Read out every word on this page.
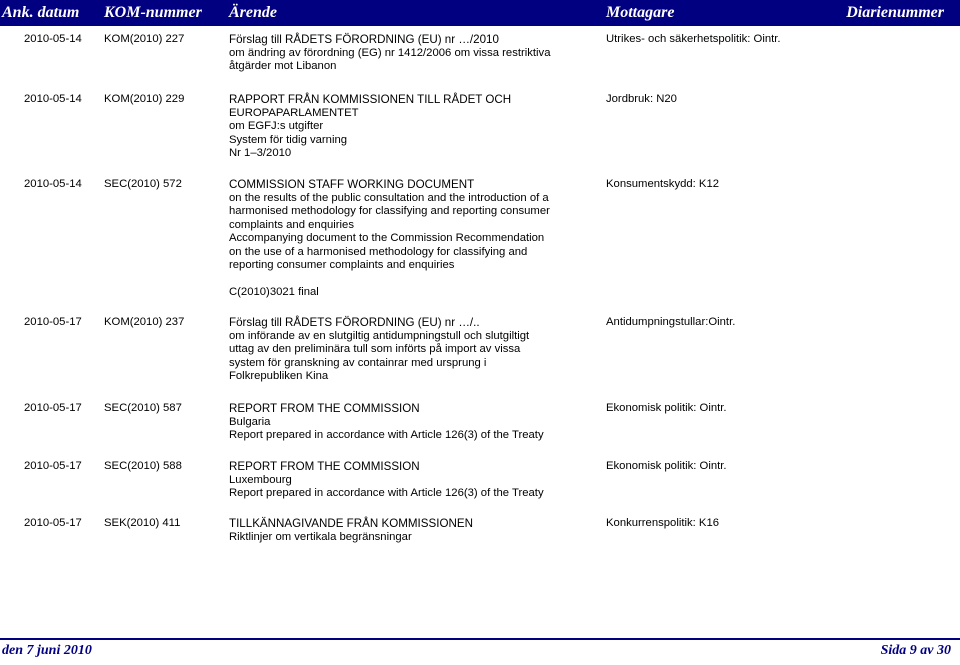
Ank. datum KOM-nummer Ärende	Mottagare	Diarienummer
2010-05-14 KOM(2010) 227	Förslag till RÅDETS FÖRORDNING (EU) nr …/2010
om ändring av förordning (EG) nr 1412/2006 om vissa restriktiva
åtgärder mot Libanon
Utrikes- och säkerhetspolitik: Ointr.
2010-05-14 KOM(2010) 229	RAPPORT FRÅN KOMMISSIONEN TILL RÅDET OCH
EUROPAPARLAMENTET
om EGFJ:s utgifter
System för tidig varning
Nr 1–3/2010
Jordbruk: N20
2010-05-14 SEC(2010) 572	COMMISSION STAFF WORKING DOCUMENT
on the results of the public consultation and the introduction of a
harmonised methodology for classifying and reporting consumer
complaints and enquiries
Accompanying document to the Commission Recommendation
on the use of a harmonised methodology for classifying and
reporting consumer complaints and enquiries
C(2010)3021 final
Konsumentskydd: K12
2010-05-17 KOM(2010) 237	Förslag till RÅDETS FÖRORDNING (EU) nr …/..
om införande av en slutgiltig antidumpningstull och slutgiltigt
uttag av den preliminära tull som införts på import av vissa
system för granskning av containrar med ursprung i
Folkrepubliken Kina
Antidumpningstullar:Ointr.
2010-05-17 SEC(2010) 587	REPORT FROM THE COMMISSION
Bulgaria
Report prepared in accordance with Article 126(3) of the Treaty
Ekonomisk politik: Ointr.
2010-05-17 SEC(2010) 588	REPORT FROM THE COMMISSION
Luxembourg
Report prepared in accordance with Article 126(3) of the Treaty
Ekonomisk politik: Ointr.
2010-05-17 SEK(2010) 411	TILLKÄNNAGIVANDE FRÅN KOMMISSIONEN
Riktlinjer om vertikala begränsningar
Konkurrenspolitik: K16
den 7 juni 2010	Sida 9 av 30
